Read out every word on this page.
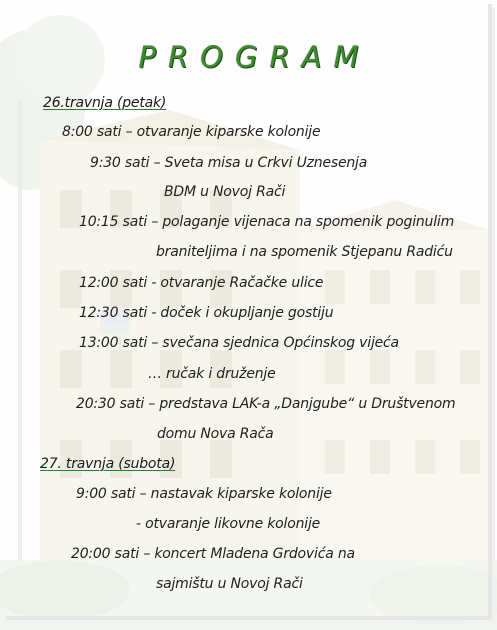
PROGRAM
26.travnja (petak)
8:00 sati – otvaranje kiparske kolonije
9:30 sati – Sveta misa u Crkvi Uznesenja
BDM u Novoj Rači
10:15 sati – polaganje vijenaca na spomenik poginulim
braniteljima i na spomenik Stjepanu Radiću
12:00 sati - otvaranje Račačke ulice
12:30 sati - doček i okupljanje gostiju
13:00 sati – svečana sjednica Općinskog vijeća
… ručak i druženje
20:30 sati – predstava LAK-a „Danjgube“ u Društvenom
domu Nova Rača
27. travnja (subota)
9:00 sati – nastavak kiparske kolonije
- otvaranje likovne kolonije
20:00 sati – koncert Mladena Grdovića na
sajmištu u Novoj Rači
